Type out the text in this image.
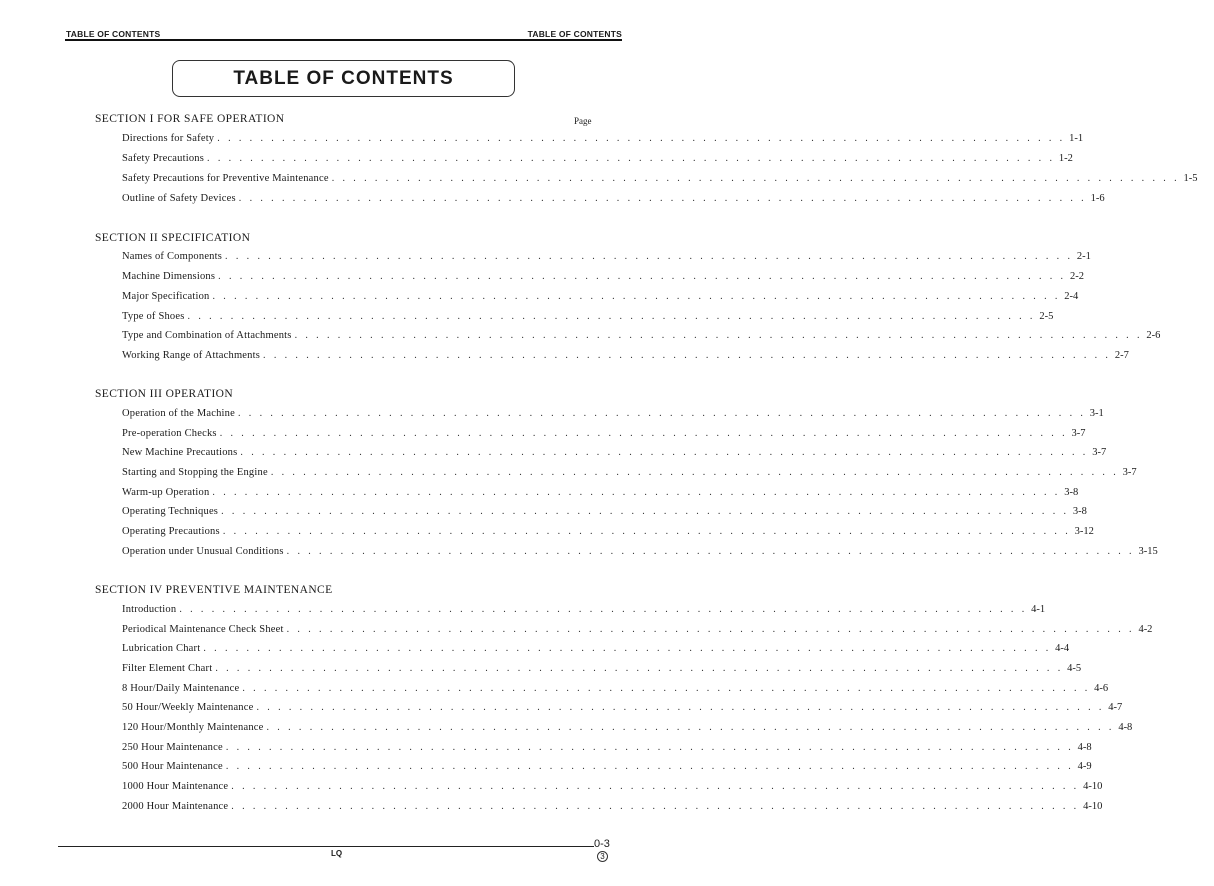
TABLE OF CONTENTS	TABLE OF CONTENTS
TABLE OF CONTENTS
Page
SECTION I FOR SAFE OPERATION
Directions for Safety . . . . . . . . . . . . . . . . . . . . . . . . . . . . . . . . . . . . . . . . . . . . . . . . . . . . . . . . . . . . . . . . . . . . . . . . . . . . . . . 1-1
Safety Precautions . . . . . . . . . . . . . . . . . . . . . . . . . . . . . . . . . . . . . . . . . . . . . . . . . . . . . . . . . . . . . . . . . . . . . . . . . . . . . . . 1-2
Safety Precautions for Preventive Maintenance . . . . . . . . . . . . . . . . . . . . . . . . . . . . . . . . . . . . . . . . . . . . . . . . . . . . . . . . . . . . . . . . . . . . . . . . . . . . . . . 1-5
Outline of Safety Devices . . . . . . . . . . . . . . . . . . . . . . . . . . . . . . . . . . . . . . . . . . . . . . . . . . . . . . . . . . . . . . . . . . . . . . . . . . . . . . . 1-6
SECTION II SPECIFICATION
Names of Components . . . . . . . . . . . . . . . . . . . . . . . . . . . . . . . . . . . . . . . . . . . . . . . . . . . . . . . . . . . . . . . . . . . . . . . . . . . . . . . 2-1
Machine Dimensions . . . . . . . . . . . . . . . . . . . . . . . . . . . . . . . . . . . . . . . . . . . . . . . . . . . . . . . . . . . . . . . . . . . . . . . . . . . . . . . 2-2
Major Specification . . . . . . . . . . . . . . . . . . . . . . . . . . . . . . . . . . . . . . . . . . . . . . . . . . . . . . . . . . . . . . . . . . . . . . . . . . . . . . . 2-4
Type of Shoes . . . . . . . . . . . . . . . . . . . . . . . . . . . . . . . . . . . . . . . . . . . . . . . . . . . . . . . . . . . . . . . . . . . . . . . . . . . . . . . 2-5
Type and Combination of Attachments . . . . . . . . . . . . . . . . . . . . . . . . . . . . . . . . . . . . . . . . . . . . . . . . . . . . . . . . . . . . . . . . . . . . . . . . . . . . . . . 2-6
Working Range of Attachments . . . . . . . . . . . . . . . . . . . . . . . . . . . . . . . . . . . . . . . . . . . . . . . . . . . . . . . . . . . . . . . . . . . . . . . . . . . . . . . 2-7
SECTION III OPERATION
Operation of the Machine . . . . . . . . . . . . . . . . . . . . . . . . . . . . . . . . . . . . . . . . . . . . . . . . . . . . . . . . . . . . . . . . . . . . . . . . . . . . . . . 3-1
Pre-operation Checks . . . . . . . . . . . . . . . . . . . . . . . . . . . . . . . . . . . . . . . . . . . . . . . . . . . . . . . . . . . . . . . . . . . . . . . . . . . . . . . 3-7
New Machine Precautions . . . . . . . . . . . . . . . . . . . . . . . . . . . . . . . . . . . . . . . . . . . . . . . . . . . . . . . . . . . . . . . . . . . . . . . . . . . . . . . 3-7
Starting and Stopping the Engine . . . . . . . . . . . . . . . . . . . . . . . . . . . . . . . . . . . . . . . . . . . . . . . . . . . . . . . . . . . . . . . . . . . . . . . . . . . . . . . 3-7
Warm-up Operation . . . . . . . . . . . . . . . . . . . . . . . . . . . . . . . . . . . . . . . . . . . . . . . . . . . . . . . . . . . . . . . . . . . . . . . . . . . . . . . 3-8
Operating Techniques . . . . . . . . . . . . . . . . . . . . . . . . . . . . . . . . . . . . . . . . . . . . . . . . . . . . . . . . . . . . . . . . . . . . . . . . . . . . . . . 3-8
Operating Precautions . . . . . . . . . . . . . . . . . . . . . . . . . . . . . . . . . . . . . . . . . . . . . . . . . . . . . . . . . . . . . . . . . . . . . . . . . . . . . . . 3-12
Operation under Unusual Conditions . . . . . . . . . . . . . . . . . . . . . . . . . . . . . . . . . . . . . . . . . . . . . . . . . . . . . . . . . . . . . . . . . . . . . . . . . . . . . . . 3-15
SECTION IV PREVENTIVE MAINTENANCE
Introduction . . . . . . . . . . . . . . . . . . . . . . . . . . . . . . . . . . . . . . . . . . . . . . . . . . . . . . . . . . . . . . . . . . . . . . . . . . . . . . . 4-1
Periodical Maintenance Check Sheet . . . . . . . . . . . . . . . . . . . . . . . . . . . . . . . . . . . . . . . . . . . . . . . . . . . . . . . . . . . . . . . . . . . . . . . . . . . . . . . 4-2
Lubrication Chart . . . . . . . . . . . . . . . . . . . . . . . . . . . . . . . . . . . . . . . . . . . . . . . . . . . . . . . . . . . . . . . . . . . . . . . . . . . . . . . 4-4
Filter Element Chart . . . . . . . . . . . . . . . . . . . . . . . . . . . . . . . . . . . . . . . . . . . . . . . . . . . . . . . . . . . . . . . . . . . . . . . . . . . . . . . 4-5
8 Hour/Daily Maintenance . . . . . . . . . . . . . . . . . . . . . . . . . . . . . . . . . . . . . . . . . . . . . . . . . . . . . . . . . . . . . . . . . . . . . . . . . . . . . . . 4-6
50 Hour/Weekly Maintenance . . . . . . . . . . . . . . . . . . . . . . . . . . . . . . . . . . . . . . . . . . . . . . . . . . . . . . . . . . . . . . . . . . . . . . . . . . . . . . . 4-7
120 Hour/Monthly Maintenance . . . . . . . . . . . . . . . . . . . . . . . . . . . . . . . . . . . . . . . . . . . . . . . . . . . . . . . . . . . . . . . . . . . . . . . . . . . . . . . 4-8
250 Hour Maintenance . . . . . . . . . . . . . . . . . . . . . . . . . . . . . . . . . . . . . . . . . . . . . . . . . . . . . . . . . . . . . . . . . . . . . . . . . . . . . . . 4-8
500 Hour Maintenance . . . . . . . . . . . . . . . . . . . . . . . . . . . . . . . . . . . . . . . . . . . . . . . . . . . . . . . . . . . . . . . . . . . . . . . . . . . . . . . 4-9
1000 Hour Maintenance . . . . . . . . . . . . . . . . . . . . . . . . . . . . . . . . . . . . . . . . . . . . . . . . . . . . . . . . . . . . . . . . . . . . . . . . . . . . . . . 4-10
2000 Hour Maintenance . . . . . . . . . . . . . . . . . . . . . . . . . . . . . . . . . . . . . . . . . . . . . . . . . . . . . . . . . . . . . . . . . . . . . . . . . . . . . . . 4-10
LQ
0-3
3
